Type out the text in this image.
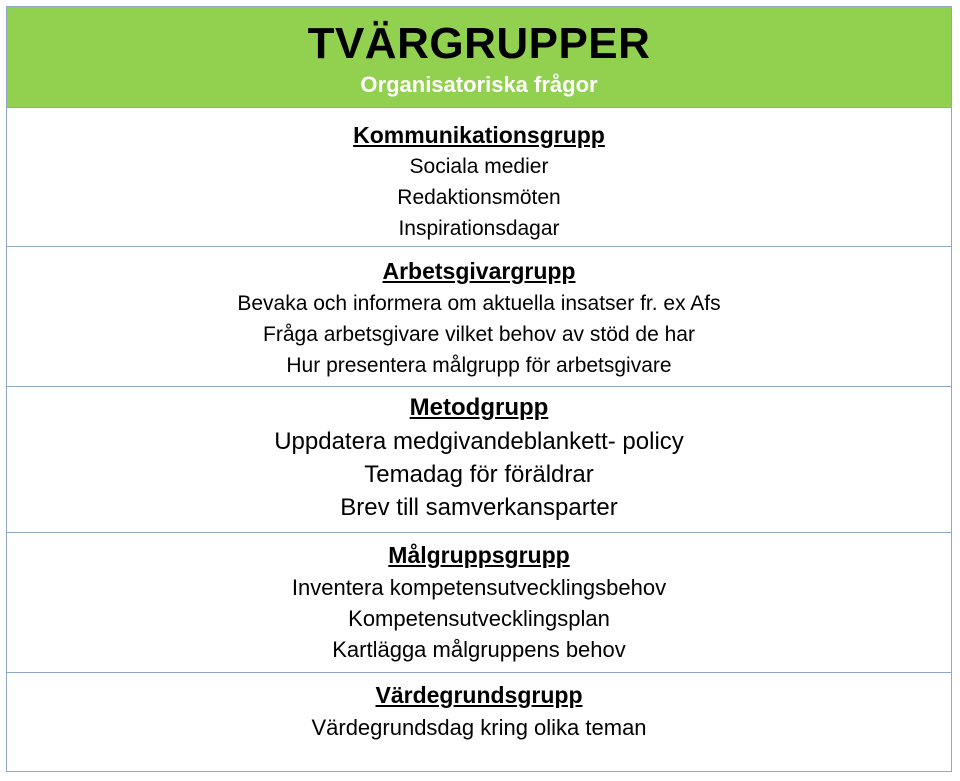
TVÄRGRUPPER
Organisatoriska frågor
Kommunikationsgrupp
Sociala medier
Redaktionsmöten
Inspirationsdagar
Arbetsgivargrupp
Bevaka och informera om aktuella insatser fr. ex Afs
Fråga arbetsgivare vilket behov av stöd de har
Hur presentera målgrupp för arbetsgivare
Metodgrupp
Uppdatera medgivandeblankett- policy
Temadag för föräldrar
Brev till samverkansparter
Målgruppsgrupp
Inventera kompetensutvecklingsbehov
Kompetensutvecklingsplan
Kartlägga målgruppens behov
Värdegrundsgrupp
Värdegrundsdag kring olika teman
